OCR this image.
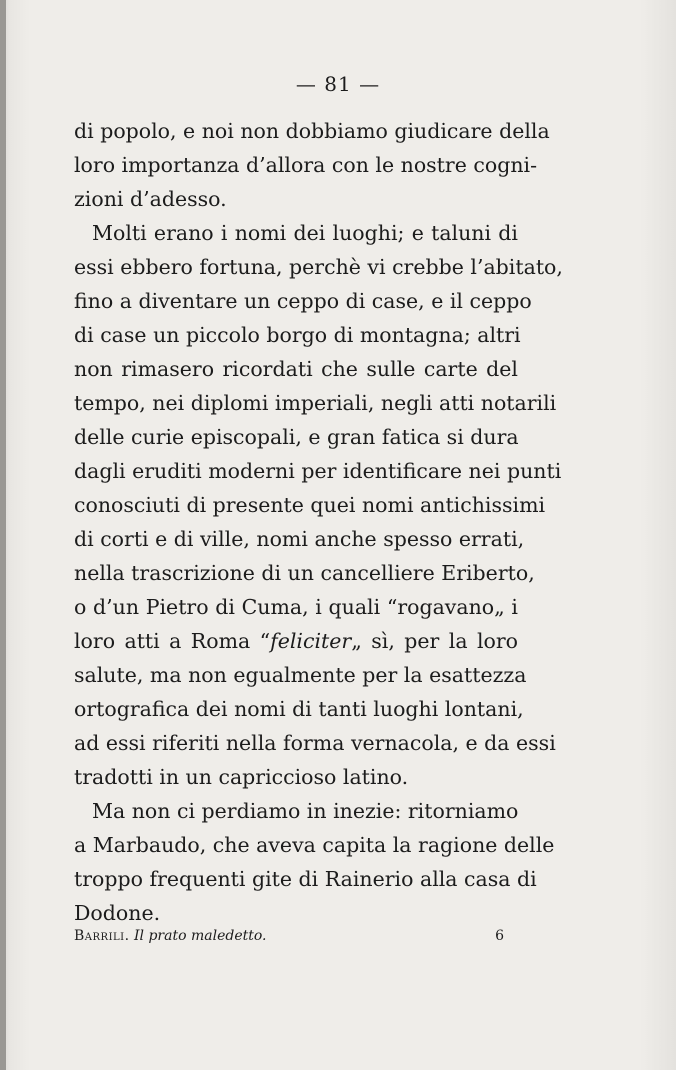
— 81 —
di popolo, e noi non dobbiamo giudicare della
loro importanza d’allora con le nostre cogni-
zioni d’adesso.
Molti erano i nomi dei luoghi; e taluni di
essi ebbero fortuna, perchè vi crebbe l’abitato,
fino a diventare un ceppo di case, e il ceppo
di case un piccolo borgo di montagna; altri
non rimasero ricordati che sulle carte del
tempo, nei diplomi imperiali, negli atti notarili
delle curie episcopali, e gran fatica si dura
dagli eruditi moderni per identificare nei punti
conosciuti di presente quei nomi antichissimi
di corti e di ville, nomi anche spesso errati,
nella trascrizione di un cancelliere Eriberto,
o d’un Pietro di Cuma, i quali “rogavano„ i
loro atti a Roma “feliciter„ sì, per la loro
salute, ma non egualmente per la esattezza
ortografica dei nomi di tanti luoghi lontani,
ad essi riferiti nella forma vernacola, e da essi
tradotti in un capriccioso latino.
Ma non ci perdiamo in inezie: ritorniamo
a Marbaudo, che aveva capita la ragione delle
troppo frequenti gite di Rainerio alla casa di
Dodone.
Barrili. Il prato maledetto.	6
